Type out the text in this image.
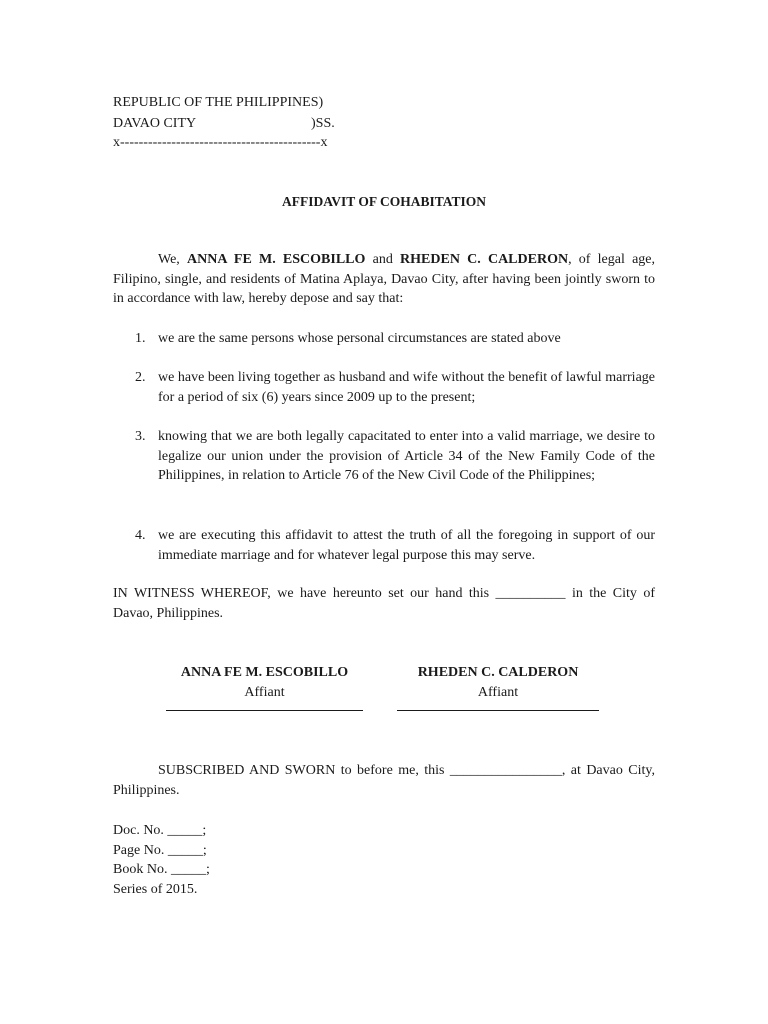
REPUBLIC OF THE PHILIPPINES)
DAVAO CITY	)SS.
x-------------------------------------------x
AFFIDAVIT OF COHABITATION
We, ANNA FE M. ESCOBILLO and RHEDEN C. CALDERON, of legal age, Filipino, single, and residents of Matina Aplaya, Davao City, after having been jointly sworn to in accordance with law, hereby depose and say that:
1. we are the same persons whose personal circumstances are stated above
2. we have been living together as husband and wife without the benefit of lawful marriage for a period of six (6) years since 2009 up to the present;
3. knowing that we are both legally capacitated to enter into a valid marriage, we desire to legalize our union under the provision of Article 34 of the New Family Code of the Philippines, in relation to Article 76 of the New Civil Code of the Philippines;
4. we are executing this affidavit to attest the truth of all the foregoing in support of our immediate marriage and for whatever legal purpose this may serve.
IN WITNESS WHEREOF, we have hereunto set our hand this __________ in the City of Davao, Philippines.
ANNA FE M. ESCOBILLO
Affiant
RHEDEN C. CALDERON
Affiant
SUBSCRIBED AND SWORN to before me, this ________________, at Davao City, Philippines.
Doc. No. _____;
Page No. _____;
Book No. _____;
Series of 2015.
